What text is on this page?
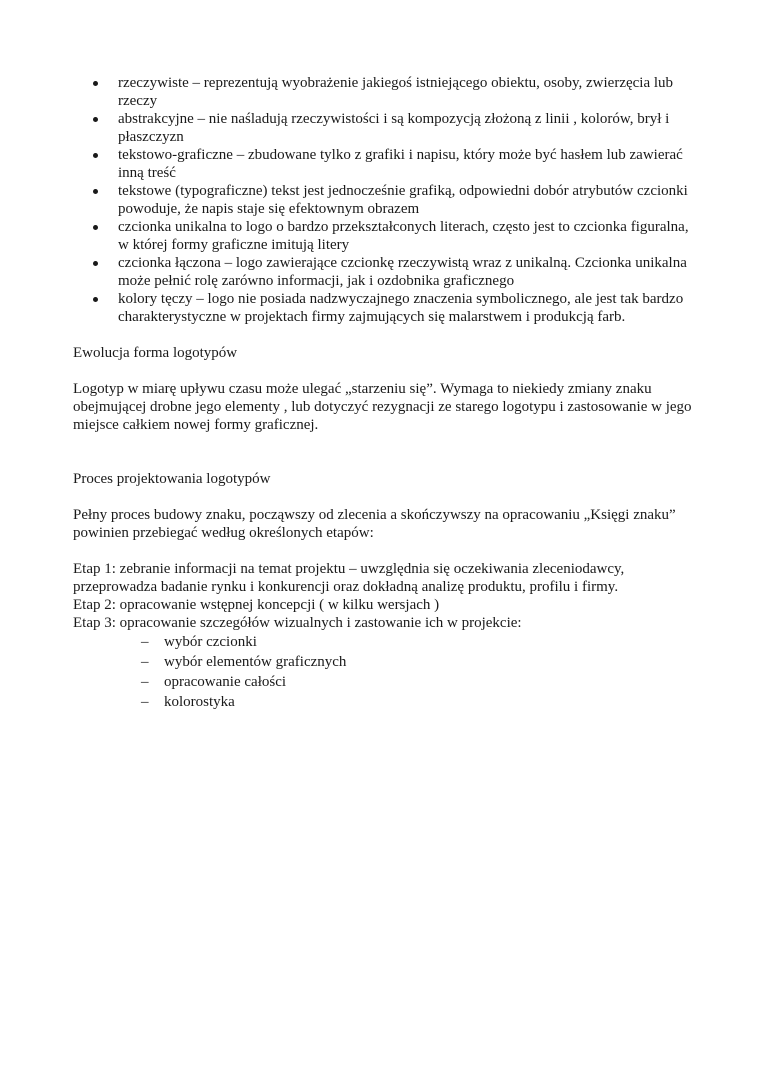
rzeczywiste – reprezentują wyobrażenie jakiegoś istniejącego obiektu, osoby, zwierzęcia lub rzeczy
abstrakcyjne – nie naśladują rzeczywistości i są kompozycją złożoną z linii , kolorów, brył i płaszczyzn
tekstowo-graficzne – zbudowane tylko z grafiki i napisu, który może być hasłem lub zawierać inną treść
tekstowe (typograficzne) tekst jest jednocześnie grafiką, odpowiedni dobór atrybutów czcionki powoduje, że napis staje się efektownym obrazem
czcionka unikalna to logo o bardzo przekształconych literach, często jest to czcionka figuralna, w której formy graficzne imitują litery
czcionka łączona – logo zawierające czcionkę rzeczywistą wraz z unikalną. Czcionka unikalna może pełnić rolę zarówno informacji, jak i ozdobnika graficznego
kolory tęczy – logo nie posiada nadzwyczajnego znaczenia symbolicznego, ale jest tak bardzo charakterystyczne w projektach firmy zajmujących się malarstwem i produkcją farb.

Ewolucja forma logotypów

Logotyp w miarę upływu czasu może ulegać „starzeniu się”. Wymaga to niekiedy zmiany znaku obejmującej drobne jego elementy , lub dotyczyć rezygnacji ze starego logotypu i zastosowanie w jego miejsce całkiem nowej formy graficznej.

Proces projektowania logotypów

Pełny proces budowy znaku, począwszy od zlecenia a skończywszy na opracowaniu „Księgi znaku” powinien przebiegać według określonych etapów:

Etap 1: zebranie informacji na temat projektu – uwzględnia się oczekiwania zleceniodawcy, przeprowadza badanie rynku i konkurencji oraz dokładną analizę produktu, profilu i firmy.

Etap 2: opracowanie wstępnej koncepcji ( w kilku wersjach )

Etap 3: opracowanie szczegółów wizualnych i zastowanie ich w projekcie:

– wybór czcionki
– wybór elementów graficznych
– opracowanie całości
– kolorostyka
